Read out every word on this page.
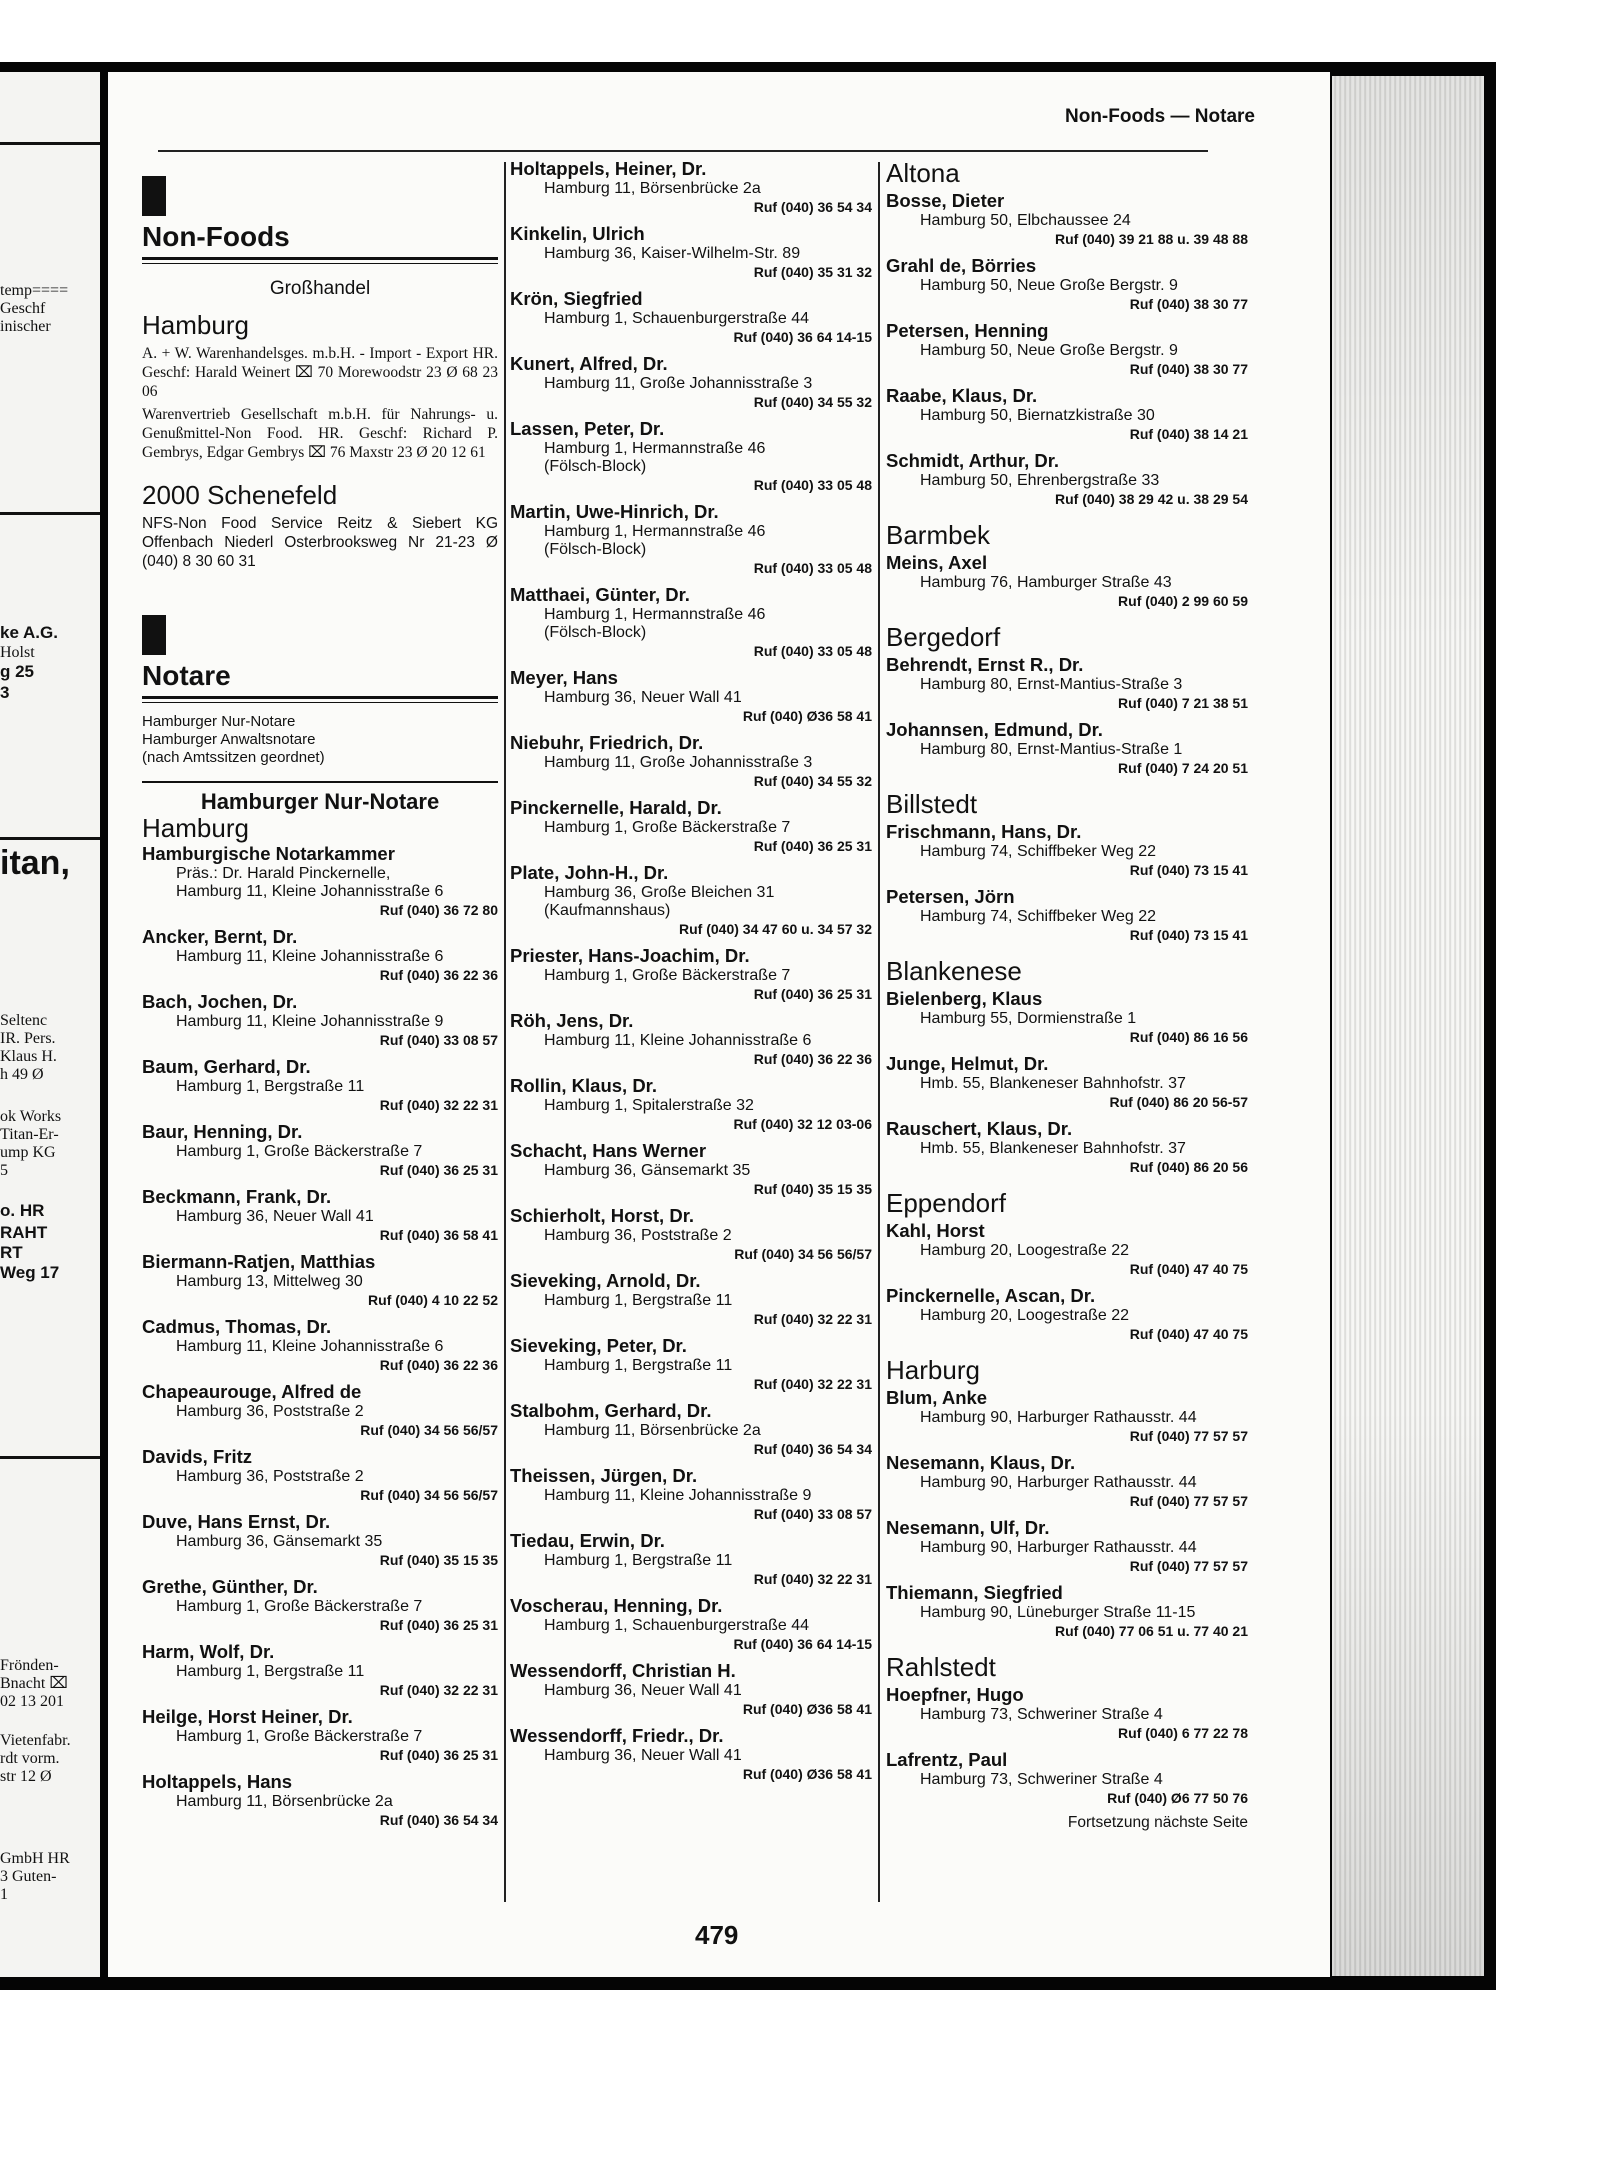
temp====
Geschf
inischer
ke A.G.
Holst
g 25
3
itan,
Seltenc
IR. Pers.
Klaus H.
h 49 Ø
ok Works
Titan-Er-
ump KG
5
o. HR
RAHT
RT
Weg 17
Frönden-
Bnacht ⌧
02 13 201
Vietenfabr.
rdt vorm.
str 12 Ø
GmbH HR
3 Guten-
1
Non-Foods — Notare
Non-Foods
Großhandel
Hamburg
A. + W. Warenhandelsges. m.b.H. - Import - Export HR. Geschf: Harald Weinert ⌧ 70 Morewoodstr 23 Ø 68 23 06
Warenvertrieb Gesellschaft m.b.H. für Nahrungs- u. Genußmittel-Non Food. HR. Geschf: Richard P. Gembrys, Edgar Gembrys ⌧ 76 Maxstr 23 Ø 20 12 61
2000 Schenefeld
NFS-Non Food Service Reitz & Siebert KG Offenbach Niederl Osterbrooksweg Nr 21-23 Ø (040) 8 30 60 31
Notare
Hamburger Nur-Notare
Hamburger Anwaltsnotare
(nach Amtssitzen geordnet)
Hamburger Nur-Notare
Hamburg
Hamburgische Notarkammer
Präs.: Dr. Harald Pinckernelle,
Hamburg 11, Kleine Johannisstraße 6
Ruf (040) 36 72 80
Ancker, Bernt, Dr.
Hamburg 11, Kleine Johannisstraße 6
Ruf (040) 36 22 36
Bach, Jochen, Dr.
Hamburg 11, Kleine Johannisstraße 9
Ruf (040) 33 08 57
Baum, Gerhard, Dr.
Hamburg 1, Bergstraße 11
Ruf (040) 32 22 31
Baur, Henning, Dr.
Hamburg 1, Große Bäckerstraße 7
Ruf (040) 36 25 31
Beckmann, Frank, Dr.
Hamburg 36, Neuer Wall 41
Ruf (040) 36 58 41
Biermann-Ratjen, Matthias
Hamburg 13, Mittelweg 30
Ruf (040) 4 10 22 52
Cadmus, Thomas, Dr.
Hamburg 11, Kleine Johannisstraße 6
Ruf (040) 36 22 36
Chapeaurouge, Alfred de
Hamburg 36, Poststraße 2
Ruf (040) 34 56 56/57
Davids, Fritz
Hamburg 36, Poststraße 2
Ruf (040) 34 56 56/57
Duve, Hans Ernst, Dr.
Hamburg 36, Gänsemarkt 35
Ruf (040) 35 15 35
Grethe, Günther, Dr.
Hamburg 1, Große Bäckerstraße 7
Ruf (040) 36 25 31
Harm, Wolf, Dr.
Hamburg 1, Bergstraße 11
Ruf (040) 32 22 31
Heilge, Horst Heiner, Dr.
Hamburg 1, Große Bäckerstraße 7
Ruf (040) 36 25 31
Holtappels, Hans
Hamburg 11, Börsenbrücke 2a
Ruf (040) 36 54 34
Holtappels, Heiner, Dr.
Hamburg 11, Börsenbrücke 2a
Ruf (040) 36 54 34
Kinkelin, Ulrich
Hamburg 36, Kaiser-Wilhelm-Str. 89
Ruf (040) 35 31 32
Krön, Siegfried
Hamburg 1, Schauenburgerstraße 44
Ruf (040) 36 64 14-15
Kunert, Alfred, Dr.
Hamburg 11, Große Johannisstraße 3
Ruf (040) 34 55 32
Lassen, Peter, Dr.
Hamburg 1, Hermannstraße 46
(Fölsch-Block)
Ruf (040) 33 05 48
Martin, Uwe-Hinrich, Dr.
Hamburg 1, Hermannstraße 46
(Fölsch-Block)
Ruf (040) 33 05 48
Matthaei, Günter, Dr.
Hamburg 1, Hermannstraße 46
(Fölsch-Block)
Ruf (040) 33 05 48
Meyer, Hans
Hamburg 36, Neuer Wall 41
Ruf (040) Ø36 58 41
Niebuhr, Friedrich, Dr.
Hamburg 11, Große Johannisstraße 3
Ruf (040) 34 55 32
Pinckernelle, Harald, Dr.
Hamburg 1, Große Bäckerstraße 7
Ruf (040) 36 25 31
Plate, John-H., Dr.
Hamburg 36, Große Bleichen 31
(Kaufmannshaus)
Ruf (040) 34 47 60 u. 34 57 32
Priester, Hans-Joachim, Dr.
Hamburg 1, Große Bäckerstraße 7
Ruf (040) 36 25 31
Röh, Jens, Dr.
Hamburg 11, Kleine Johannisstraße 6
Ruf (040) 36 22 36
Rollin, Klaus, Dr.
Hamburg 1, Spitalerstraße 32
Ruf (040) 32 12 03-06
Schacht, Hans Werner
Hamburg 36, Gänsemarkt 35
Ruf (040) 35 15 35
Schierholt, Horst, Dr.
Hamburg 36, Poststraße 2
Ruf (040) 34 56 56/57
Sieveking, Arnold, Dr.
Hamburg 1, Bergstraße 11
Ruf (040) 32 22 31
Sieveking, Peter, Dr.
Hamburg 1, Bergstraße 11
Ruf (040) 32 22 31
Stalbohm, Gerhard, Dr.
Hamburg 11, Börsenbrücke 2a
Ruf (040) 36 54 34
Theissen, Jürgen, Dr.
Hamburg 11, Kleine Johannisstraße 9
Ruf (040) 33 08 57
Tiedau, Erwin, Dr.
Hamburg 1, Bergstraße 11
Ruf (040) 32 22 31
Voscherau, Henning, Dr.
Hamburg 1, Schauenburgerstraße 44
Ruf (040) 36 64 14-15
Wessendorff, Christian H.
Hamburg 36, Neuer Wall 41
Ruf (040) Ø36 58 41
Wessendorff, Friedr., Dr.
Hamburg 36, Neuer Wall 41
Ruf (040) Ø36 58 41
Altona
Bosse, Dieter
Hamburg 50, Elbchaussee 24
Ruf (040) 39 21 88 u. 39 48 88
Grahl de, Börries
Hamburg 50, Neue Große Bergstr. 9
Ruf (040) 38 30 77
Petersen, Henning
Hamburg 50, Neue Große Bergstr. 9
Ruf (040) 38 30 77
Raabe, Klaus, Dr.
Hamburg 50, Biernatzkistraße 30
Ruf (040) 38 14 21
Schmidt, Arthur, Dr.
Hamburg 50, Ehrenbergstraße 33
Ruf (040) 38 29 42 u. 38 29 54
Barmbek
Meins, Axel
Hamburg 76, Hamburger Straße 43
Ruf (040) 2 99 60 59
Bergedorf
Behrendt, Ernst R., Dr.
Hamburg 80, Ernst-Mantius-Straße 3
Ruf (040) 7 21 38 51
Johannsen, Edmund, Dr.
Hamburg 80, Ernst-Mantius-Straße 1
Ruf (040) 7 24 20 51
Billstedt
Frischmann, Hans, Dr.
Hamburg 74, Schiffbeker Weg 22
Ruf (040) 73 15 41
Petersen, Jörn
Hamburg 74, Schiffbeker Weg 22
Ruf (040) 73 15 41
Blankenese
Bielenberg, Klaus
Hamburg 55, Dormienstraße 1
Ruf (040) 86 16 56
Junge, Helmut, Dr.
Hmb. 55, Blankeneser Bahnhofstr. 37
Ruf (040) 86 20 56-57
Rauschert, Klaus, Dr.
Hmb. 55, Blankeneser Bahnhofstr. 37
Ruf (040) 86 20 56
Eppendorf
Kahl, Horst
Hamburg 20, Loogestraße 22
Ruf (040) 47 40 75
Pinckernelle, Ascan, Dr.
Hamburg 20, Loogestraße 22
Ruf (040) 47 40 75
Harburg
Blum, Anke
Hamburg 90, Harburger Rathausstr. 44
Ruf (040) 77 57 57
Nesemann, Klaus, Dr.
Hamburg 90, Harburger Rathausstr. 44
Ruf (040) 77 57 57
Nesemann, Ulf, Dr.
Hamburg 90, Harburger Rathausstr. 44
Ruf (040) 77 57 57
Thiemann, Siegfried
Hamburg 90, Lüneburger Straße 11-15
Ruf (040) 77 06 51 u. 77 40 21
Rahlstedt
Hoepfner, Hugo
Hamburg 73, Schweriner Straße 4
Ruf (040) 6 77 22 78
Lafrentz, Paul
Hamburg 73, Schweriner Straße 4
Ruf (040) Ø6 77 50 76
Fortsetzung nächste Seite
479
